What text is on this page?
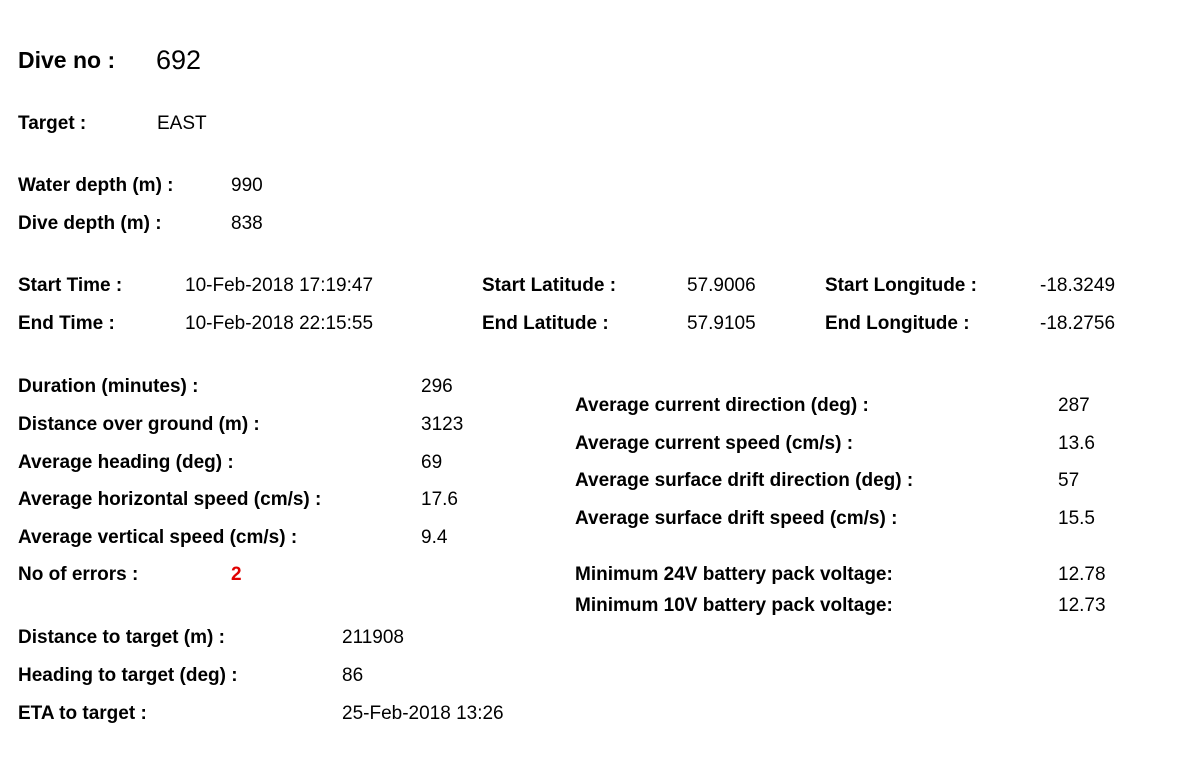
Dive no : 692
Target :	EAST
Water depth (m) :	990
Dive depth (m) :	838
Start Time :	10-Feb-2018 17:19:47	Start Latitude :	57.9006	Start Longitude :	-18.3249
End Time :	10-Feb-2018 22:15:55	End Latitude :	57.9105	End Longitude :	-18.2756
Duration (minutes) :	296
Distance over ground (m) :	3123
Average heading (deg) :	69
Average horizontal speed (cm/s) :	17.6
Average vertical speed (cm/s) :	9.4
No of errors :	2
Average current direction (deg) :	287
Average current speed (cm/s) :	13.6
Average surface drift direction (deg) :	57
Average surface drift speed (cm/s) :	15.5
Minimum 24V battery pack voltage:	12.78
Minimum 10V battery pack voltage:	12.73
Distance to target (m) :	211908
Heading to target (deg) :	86
ETA to target :	25-Feb-2018 13:26
